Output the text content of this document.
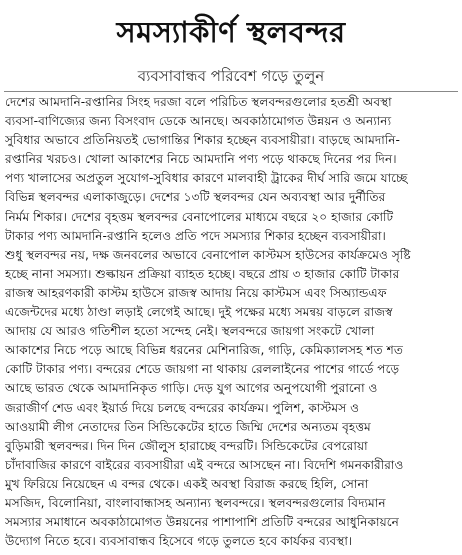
সমস্যাকীর্ণ স্থলবন্দর
ব্যবসাবান্ধব পরিবেশ গড়ে তুলুন
দেশের আমদানি-রপ্তানির সিংহ দরজা বলে পরিচিত স্থলবন্দরগুলোর হতশ্রী অবস্থা
ব্যবসা-বাণিজ্যের জন্য বিসংবাদ ডেকে আনছে। অবকাঠামোগত উন্নয়ন ও অন্যান্য
সুবিধার অভাবে প্রতিনিয়তই ভোগান্তির শিকার হচ্ছেন ব্যবসায়ীরা। বাড়ছে আমদানি-
রপ্তানির খরচও। খোলা আকাশের নিচে আমদানি পণ্য পড়ে থাকছে দিনের পর দিন।
পণ্য খালাসের অপ্রতুল সুযোগ-সুবিধার কারণে মালবাহী ট্রাকের দীর্ঘ সারি জমে যাচ্ছে
বিভিন্ন স্থলবন্দর এলাকাজুড়ে। দেশের ১৩টি স্থলবন্দর যেন অব্যবস্থা আর দুর্নীতির
নির্মম শিকার। দেশের বৃহত্তম স্থলবন্দর বেনাপোলের মাধ্যমে বছরে ২০ হাজার কোটি
টাকার পণ্য আমদানি-রপ্তানি হলেও প্রতি পদে সমস্যার শিকার হচ্ছেন ব্যবসায়ীরা।
শুধু স্থলবন্দর নয়, দক্ষ জনবলের অভাবে বেনাপোল কাস্টমস হাউসের কার্যক্রমেও সৃষ্টি
হচ্ছে নানা সমস্যা। শুল্কায়ন প্রক্রিয়া ব্যাহত হচ্ছে। বছরে প্রায় ৩ হাজার কোটি টাকার
রাজস্ব আহরণকারী কাস্টম হাউসে রাজস্ব আদায় নিয়ে কাস্টমস এবং সিঅ্যান্ডএফ
এজেন্টদের মধ্যে ঠাণ্ডা লড়াই লেগেই আছে। দুই পক্ষের মধ্যে সমন্বয় বাড়লে রাজস্ব
আদায় যে আরও গতিশীল হতো সন্দেহ নেই। স্থলবন্দরে জায়গা সংকটে খোলা
আকাশের নিচে পড়ে আছে বিভিন্ন ধরনের মেশিনারিজ, গাড়ি, কেমিক্যালসহ শত শত
কোটি টাকার পণ্য। বন্দরের শেডে জায়গা না থাকায় রেললাইনের পাশের গার্ডে পড়ে
আছে ভারত থেকে আমদানিকৃত গাড়ি। দেড় যুগ আগের অনুপযোগী পুরানো ও
জরাজীর্ণ শেড এবং ইয়ার্ড দিয়ে চলছে বন্দরের কার্যক্রম। পুলিশ, কাস্টমস ও
আওয়ামী লীগ নেতাদের তিন সিন্ডিকেটের হাতে জিম্মি দেশের অন্যতম বৃহত্তম
বুড়িমারী স্থলবন্দর। দিন দিন জৌলুস হারাচ্ছে বন্দরটি। সিন্ডিকেটের বেপরোয়া
চাঁদাবাজির কারণে বাইরের ব্যবসায়ীরা এই বন্দরে আসছেন না। বিদেশি গমনকারীরাও
মুখ ফিরিয়ে নিয়েছেন এ বন্দর থেকে। একই অবস্থা বিরাজ করছে হিলি, সোনা
মসজিদ, বিলোনিয়া, বাংলাবান্ধাসহ অন্যান্য স্থলবন্দরে। স্থলবন্দরগুলোর বিদ্যমান
সমস্যার সমাধানে অবকাঠামোগত উন্নয়নের পাশাপাশি প্রতিটি বন্দরের আধুনিকায়নে
উদ্যোগ নিতে হবে। ব্যবসাবান্ধব হিসেবে গড়ে তুলতে হবে কার্যকর ব্যবস্থা।
